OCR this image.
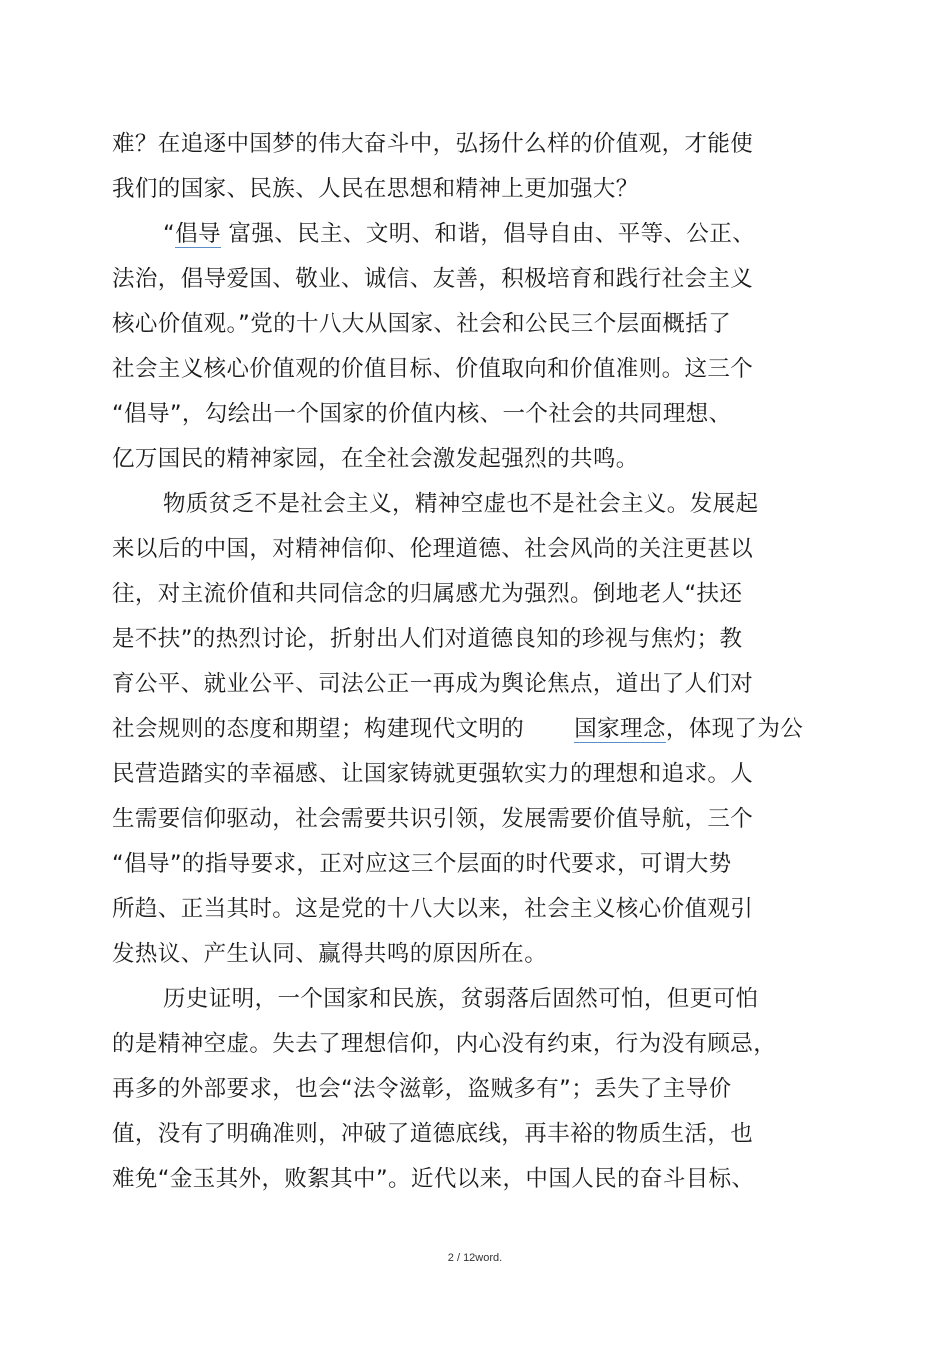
难？在追逐中国梦的伟大奋斗中，弘扬什么样的价值观，才能使
我们的国家、民族、人民在思想和精神上更加强大？
“倡导 富强、民主、文明、和谐，倡导自由、平等、公正、
法治，倡导爱国、敬业、诚信、友善，积极培育和践行社会主义
核心价值观。”党的十八大从国家、社会和公民三个层面概括了
社会主义核心价值观的价值目标、价值取向和价值准则。这三个
“倡导”，勾绘出一个国家的价值内核、一个社会的共同理想、
亿万国民的精神家园，在全社会激发起强烈的共鸣。
物质贫乏不是社会主义，精神空虚也不是社会主义。发展起
来以后的中国，对精神信仰、伦理道德、社会风尚的关注更甚以
往，对主流价值和共同信念的归属感尤为强烈。倒地老人“扶还
是不扶”的热烈讨论，折射出人们对道德良知的珍视与焦灼；教
育公平、就业公平、司法公正一再成为舆论焦点，道出了人们对
社会规则的态度和期望；构建现代文明的 国家理念，体现了为公
民营造踏实的幸福感、让国家铸就更强软实力的理想和追求。人
生需要信仰驱动，社会需要共识引领，发展需要价值导航，三个
“倡导”的指导要求，正对应这三个层面的时代要求，可谓大势
所趋、正当其时。这是党的十八大以来，社会主义核心价值观引
发热议、产生认同、赢得共鸣的原因所在。
历史证明，一个国家和民族，贫弱落后固然可怕，但更可怕
的是精神空虚。失去了理想信仰，内心没有约束，行为没有顾忌，
再多的外部要求，也会“法令滋彰，盗贼多有”；丢失了主导价
值，没有了明确准则，冲破了道德底线，再丰裕的物质生活，也
难免“金玉其外，败絮其中”。近代以来，中国人民的奋斗目标、
2 / 12word.
